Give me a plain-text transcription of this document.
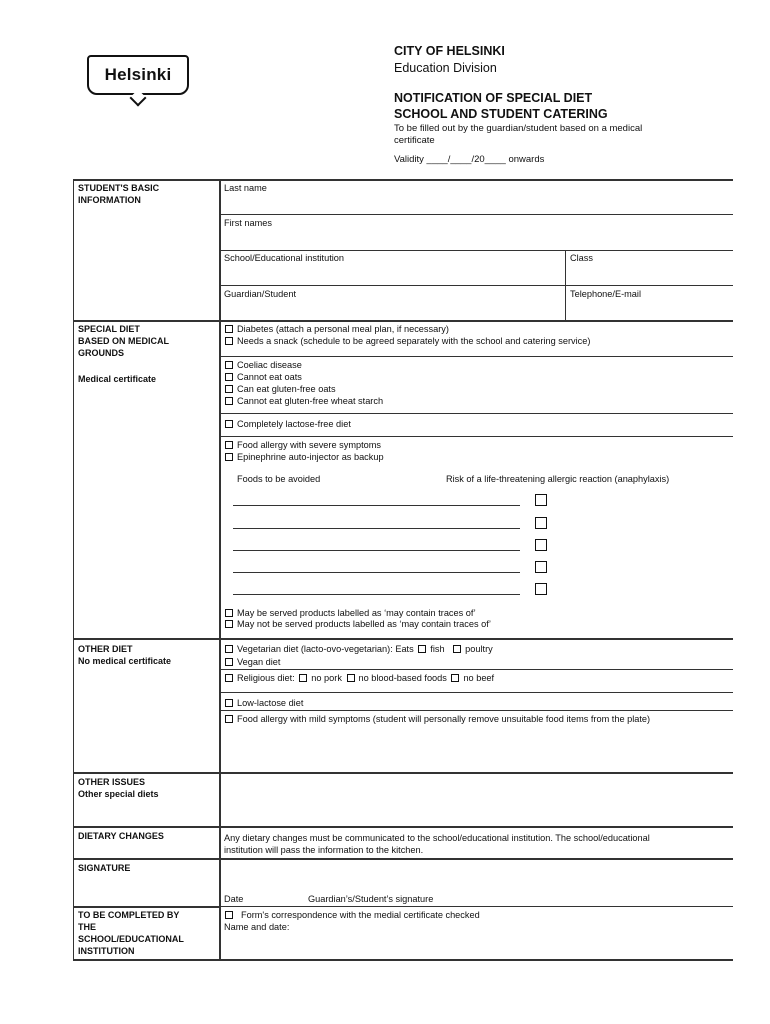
Helsinki
CITY OF HELSINKI
Education Division
NOTIFICATION OF SPECIAL DIET
SCHOOL AND STUDENT CATERING
To be filled out by the guardian/student based on a medical
certificate
Validity ____/____/20____ onwards
STUDENT'S BASIC
INFORMATION
Last name
First names
School/Educational institution	Class
Guardian/Student	Telephone/E-mail
SPECIAL DIET
BASED ON MEDICAL
GROUNDS
Medical certificate
Diabetes (attach a personal meal plan, if necessary)
Needs a snack (schedule to be agreed separately with the school and catering service)
Coeliac disease
Cannot eat oats
Can eat gluten-free oats
Cannot eat gluten-free wheat starch
Completely lactose-free diet
Food allergy with severe symptoms
Epinephrine auto-injector as backup
Foods to be avoided	Risk of a life-threatening allergic reaction (anaphylaxis)
May be served products labelled as ‘may contain traces of’
May not be served products labelled as ‘may contain traces of’
OTHER DIET
No medical certificate
Vegetarian diet (lacto-ovo-vegetarian): Eats fish poultry
Vegan diet
Religious diet: no pork no blood-based foods no beef
Low-lactose diet
Food allergy with mild symptoms (student will personally remove unsuitable food items from the plate)
OTHER ISSUES
Other special diets
DIETARY CHANGES	Any dietary changes must be communicated to the school/educational institution. The school/educational
institution will pass the information to the kitchen.
SIGNATURE
Date	Guardian’s/Student’s signature
TO BE COMPLETED BY
THE
SCHOOL/EDUCATIONAL
INSTITUTION
Form's correspondence with the medial certificate checked
Name and date:
